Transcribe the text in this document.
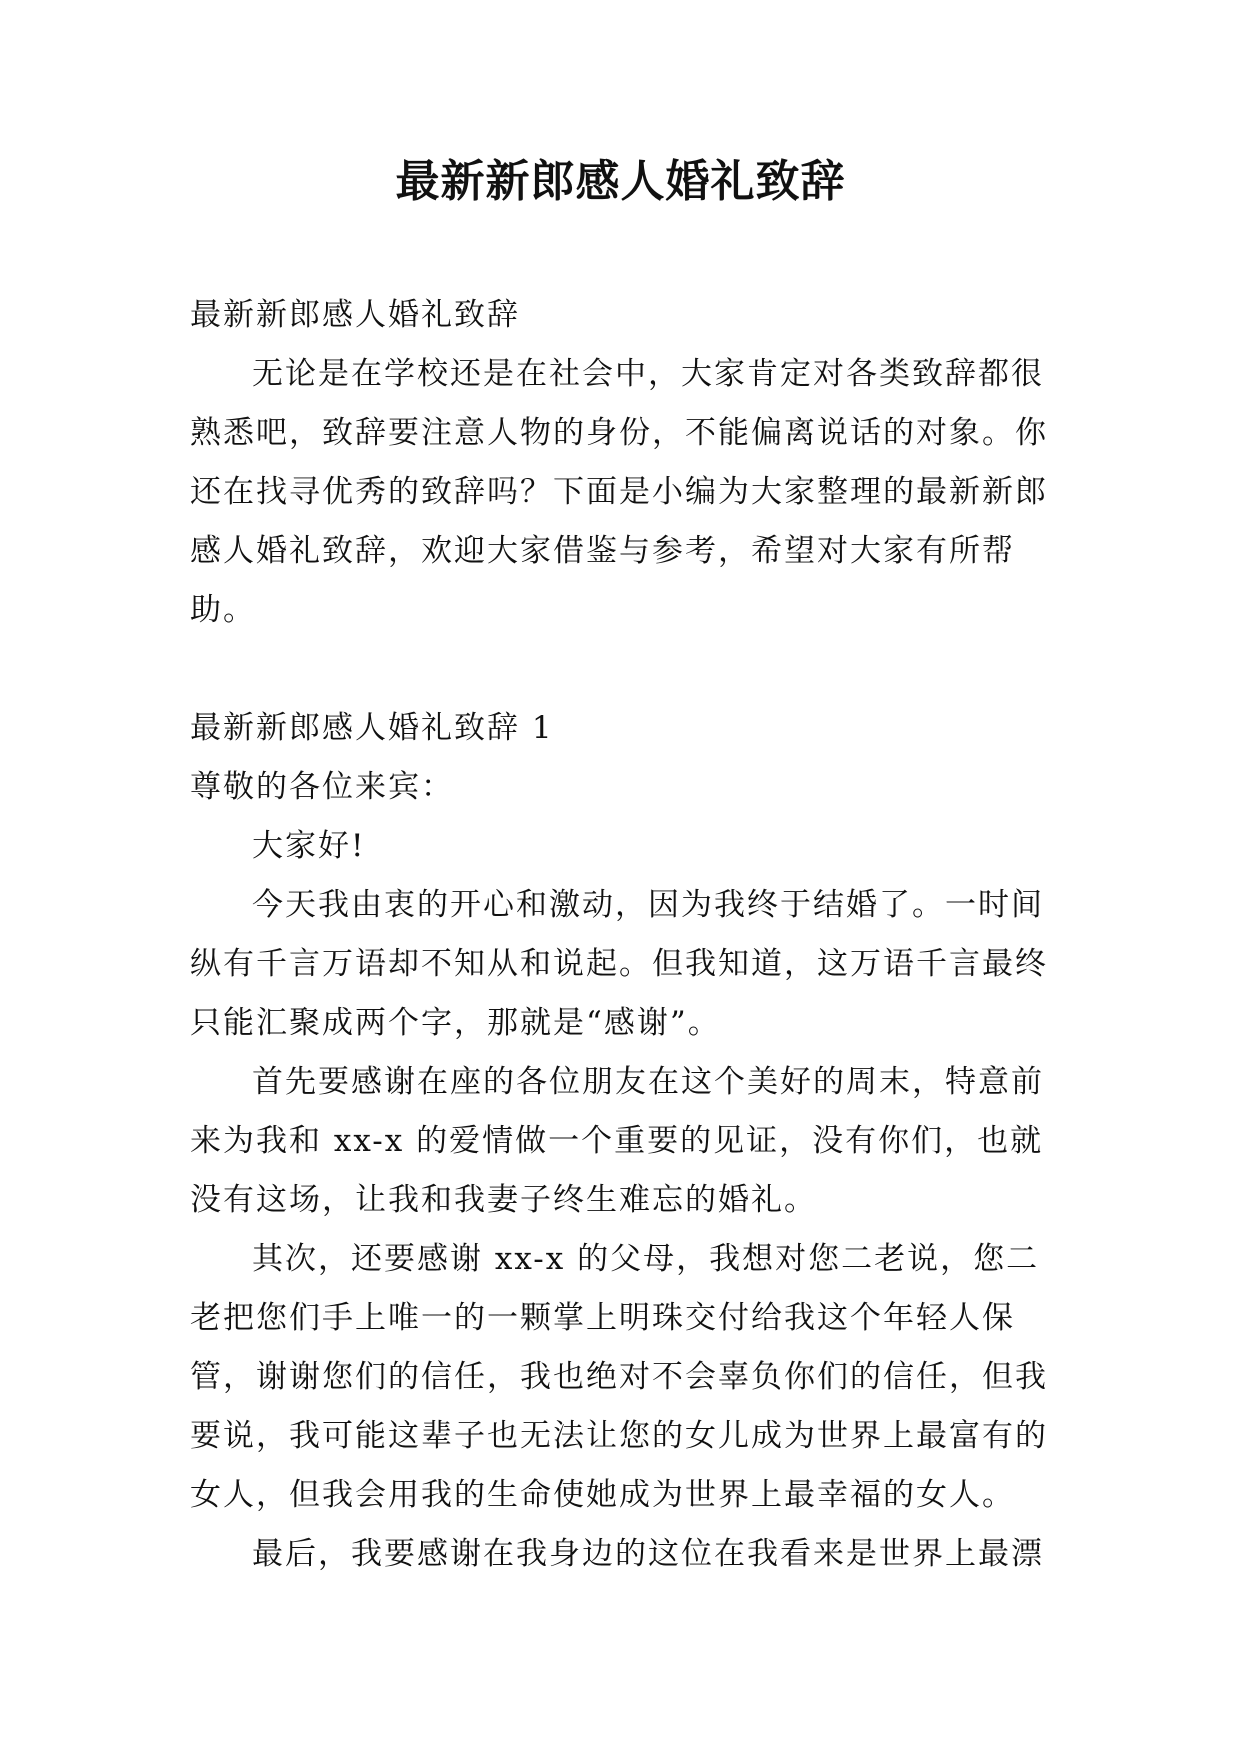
最新新郎感人婚礼致辞

最新新郎感人婚礼致辞

无论是在学校还是在社会中，大家肯定对各类致辞都很熟悉吧，致辞要注意人物的身份，不能偏离说话的对象。你还在找寻优秀的致辞吗？下面是小编为大家整理的最新新郎感人婚礼致辞，欢迎大家借鉴与参考，希望对大家有所帮助。

最新新郎感人婚礼致辞 1

尊敬的各位来宾：

大家好!

今天我由衷的开心和激动，因为我终于结婚了。一时间纵有千言万语却不知从和说起。但我知道，这万语千言最终只能汇聚成两个字，那就是“感谢”。

首先要感谢在座的各位朋友在这个美好的周末，特意前来为我和 xx-x 的爱情做一个重要的见证，没有你们，也就没有这场，让我和我妻子终生难忘的婚礼。

其次，还要感谢 xx-x 的父母，我想对您二老说，您二老把您们手上唯一的一颗掌上明珠交付给我这个年轻人保管，谢谢您们的信任，我也绝对不会辜负你们的信任，但我要说，我可能这辈子也无法让您的女儿成为世界上最富有的女人，但我会用我的生命使她成为世界上最幸福的女人。

最后，我要感谢在我身边的这位在我看来是世界上最漂
